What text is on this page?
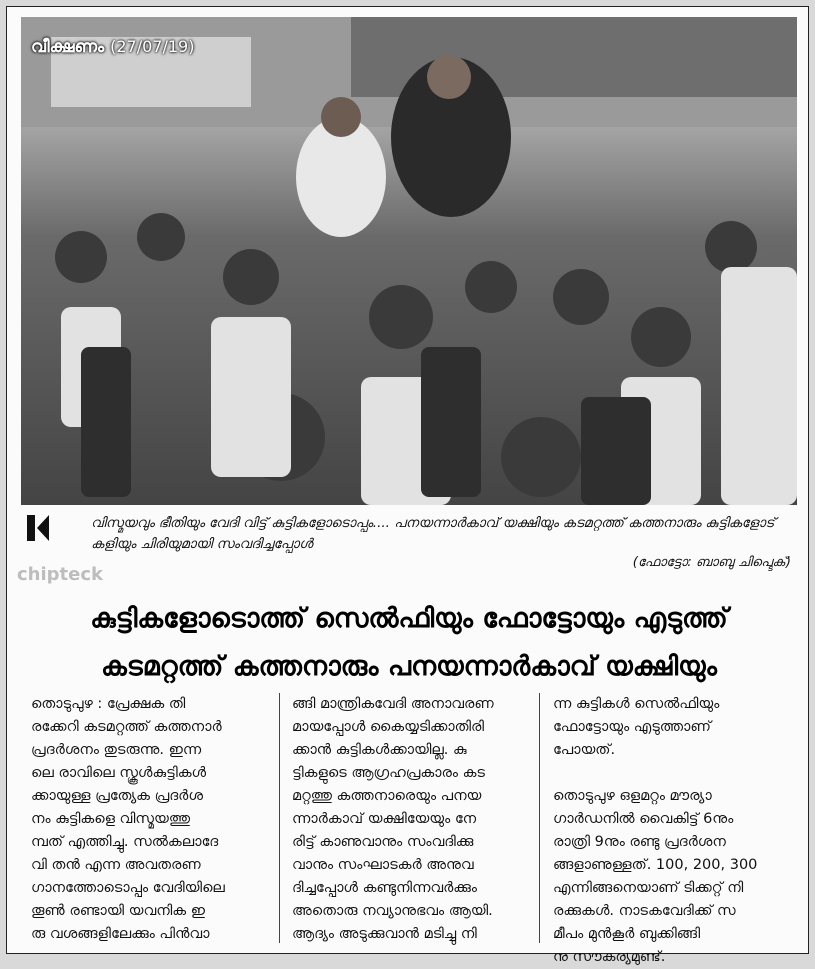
വീക്ഷണം (27/07/19)
വിസ്മയവും ഭീതിയും വേദി വിട്ട് കുട്ടികളോടൊപ്പം.... പനയന്നാർകാവ് യക്ഷിയും കടമറ്റത്ത് കത്തനാരും കുട്ടികളോട് കളിയും ചിരിയുമായി സംവദിച്ചപ്പോൾ
(ഫോട്ടോ: ബാബു ചിപ്ടെക്)
chipteck
കുട്ടികളോടൊത്ത് സെൽഫിയും ഫോട്ടോയും എടുത്ത്
കടമറ്റത്ത് കത്തനാരും പനയന്നാർകാവ് യക്ഷിയും
തൊടുപുഴ : പ്രേക്ഷക തി
രക്കേറി കടമറ്റത്ത് കത്തനാർ
പ്രദർശനം തുടരുന്നു. ഇന്ന
ലെ രാവിലെ സ്കൂൾകുട്ടികൾ
ക്കായുള്ള പ്രത്യേക പ്രദർശ
നം കുട്ടികളെ വിസ്മയത്തു
മ്പത് എത്തിച്ചു. സൽകലാദേ
വി തൻ എന്ന അവതരണ
ഗാനത്തോടൊപ്പം വേദിയിലെ
തൂൺ രണ്ടായി യവനിക ഇ
രു വശങ്ങളിലേക്കും പിൻവാ
ങ്ങി മാന്ത്രികവേദി അനാവരണ
മായപ്പോൾ കൈയ്യടിക്കാതിരി
ക്കാൻ കുട്ടികൾക്കായില്ല. കു
ട്ടികളുടെ ആഗ്രഹപ്രകാരം കട
മറ്റത്തു കത്തനാരെയും പനയ
ന്നാർകാവ് യക്ഷിയേയും നേ
രിട്ട് കാണുവാനും സംവദിക്കു
വാനും സംഘാടകർ അനുവ
ദിച്ചപ്പോൾ കണ്ടുനിന്നവർക്കും
അതൊരു നവ്യാനുഭവം ആയി.
ആദ്യം അടുക്കുവാൻ മടിച്ചു നി
ന്ന കുട്ടികൾ സെൽഫിയും
ഫോട്ടോയും എടുത്താണ്
പോയത്.

തൊടുപുഴ ഒളമറ്റം മൗര്യാ
ഗാർഡനിൽ വൈകിട്ട് 6നും
രാത്രി 9നും രണ്ടു പ്രദർശന
ങ്ങളാണുള്ളത്. 100, 200, 300
എന്നിങ്ങനെയാണ് ടിക്കറ്റ് നി
രക്കുകൾ. നാടകവേദിക്ക് സ
മീപം മുൻകൂർ ബുക്കിങ്ങി
നു സൗകര്യമുണ്ട്.
